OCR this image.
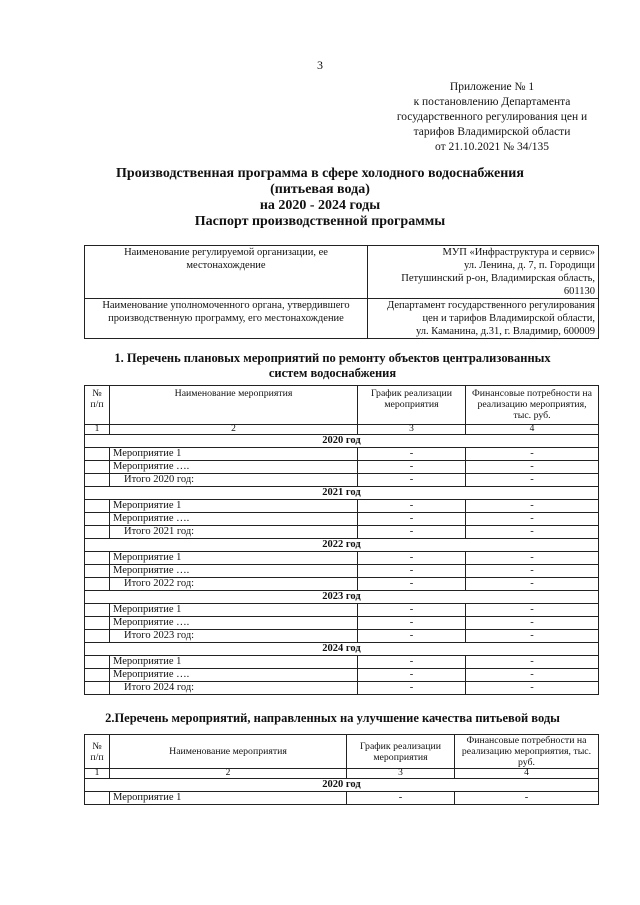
3
Приложение № 1
к постановлению Департамента
государственного регулирования цен и
тарифов Владимирской области
от 21.10.2021 № 34/135
Производственная программа в сфере холодного водоснабжения
(питьевая вода)
на 2020 - 2024 годы
Паспорт производственной программы
Наименование регулируемой организации, ее местонахождение	МУП «Инфраструктура и сервис»
ул. Ленина, д. 7, п. Городищи
Петушинский р-он, Владимирская область,
601130

Наименование уполномоченного органа, утвердившего производственную программу, его местонахождение	Департамент государственного регулирования
цен и тарифов Владимирской области,
ул. Каманина, д.31, г. Владимир, 600009
1. Перечень плановых мероприятий по ремонту объектов централизованных
систем водоснабжения
№ п/п	Наименование мероприятия	График реализации мероприятия	Финансовые потребности на реализацию мероприятия, тыс. руб.
1	2	3	4
2020 год			
	Мероприятие 1	-	-
	Мероприятие ….	-	-
	Итого 2020 год:	-	-
2021 год			
	Мероприятие 1	-	-
	Мероприятие ….	-	-
	Итого 2021 год:	-	-
2022 год			
	Мероприятие 1	-	-
	Мероприятие ….	-	-
	Итого 2022 год:	-	-
2023 год			
	Мероприятие 1	-	-
	Мероприятие ….	-	-
	Итого 2023 год:	-	-
2024 год			
	Мероприятие 1	-	-
	Мероприятие ….	-	-
	Итого 2024 год:	-	-
2.Перечень мероприятий, направленных на улучшение качества питьевой воды
№ п/п	Наименование мероприятия	График реализации мероприятия	Финансовые потребности на реализацию мероприятия, тыс. руб.
1	2	3	4
2020 год			
	Мероприятие 1	-	-
